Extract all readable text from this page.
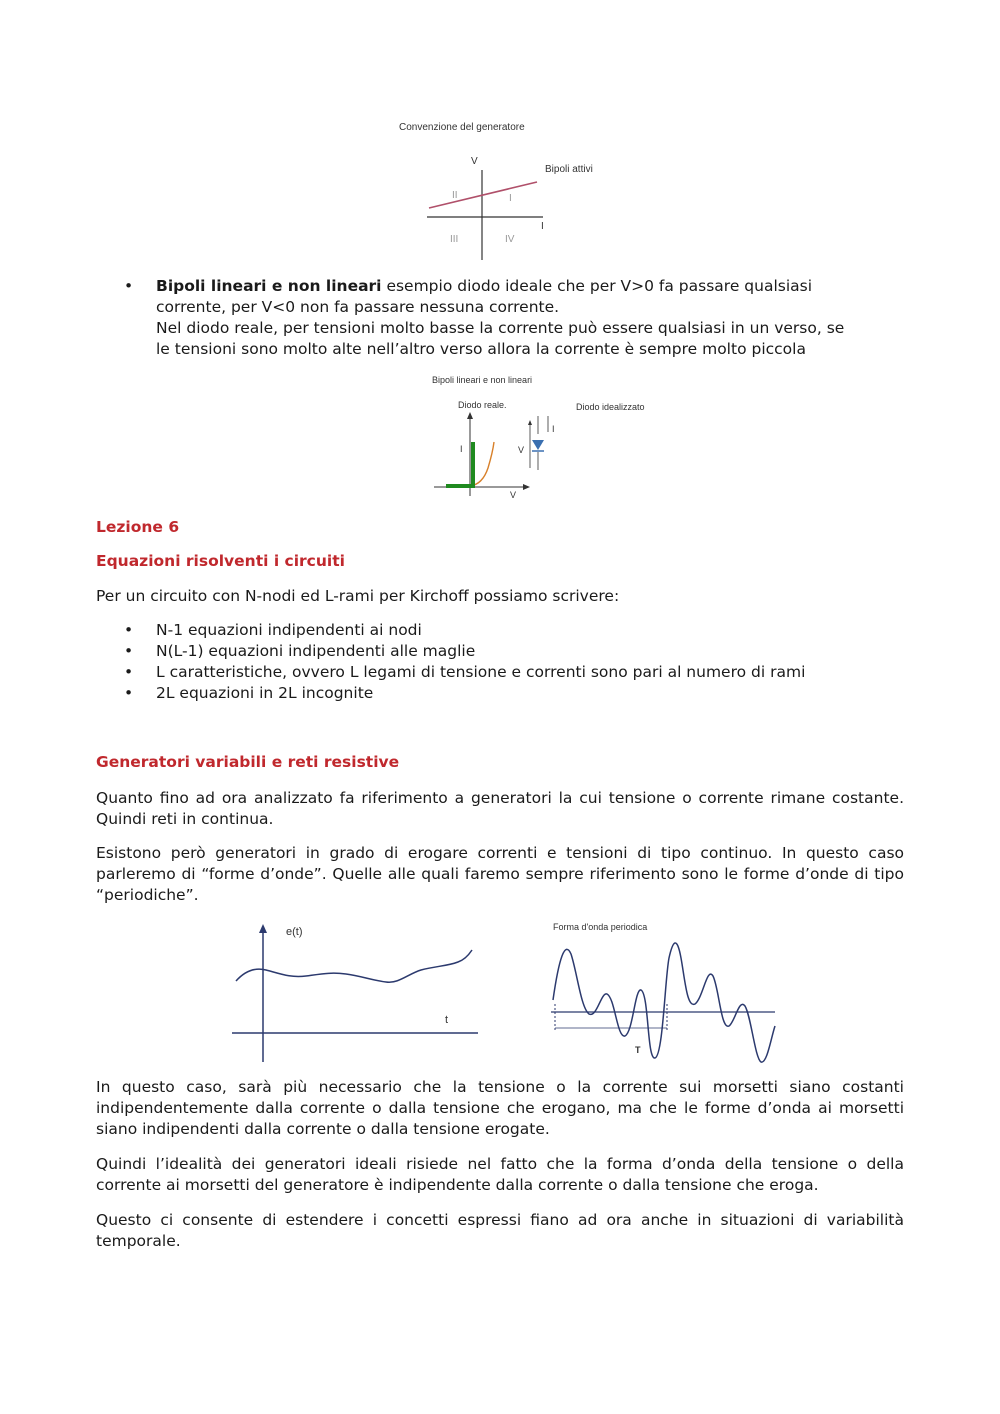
Convenzione del generatore
V
I
Bipoli attivi
I
II
III	IV
• Bipoli lineari e non lineari esempio diodo ideale che per V>0 fa passare qualsiasi
corrente, per V<0 non fa passare nessuna corrente.
Nel diodo reale, per tensioni molto basse la corrente può essere qualsiasi in un verso, se
le tensioni sono molto alte nell’altro verso allora la corrente è sempre molto piccola
Bipoli lineari e non lineari
Diodo reale.	Diodo idealizzato
I
V
V
I
Lezione 6
Equazioni risolventi i circuiti

Per un circuito con N-nodi ed L-rami per Kirchoff possiamo scrivere:

• N-1 equazioni indipendenti ai nodi
• N(L-1) equazioni indipendenti alle maglie
• L caratteristiche, ovvero L legami di tensione e correnti sono pari al numero di rami
• 2L equazioni in 2L incognite
Generatori variabili e reti resistive

Quanto fino ad ora analizzato fa riferimento a generatori la cui tensione o corrente rimane costante. Quindi reti in continua.

Esistono però generatori in grado di erogare correnti e tensioni di tipo continuo. In questo caso parleremo di “forme d’onde”. Quelle alle quali faremo sempre riferimento sono le forme d’onde di tipo “periodiche”.

e(t)
t
Forma d'onda periodica
T

In questo caso, sarà più necessario che la tensione o la corrente sui morsetti siano costanti indipendentemente dalla corrente o dalla tensione che erogano, ma che le forme d’onda ai morsetti siano indipendenti dalla corrente o dalla tensione erogate.

Quindi l’idealità dei generatori ideali risiede nel fatto che la forma d’onda della tensione o della corrente ai morsetti del generatore è indipendente dalla corrente o dalla tensione che eroga.

Questo ci consente di estendere i concetti espressi fiano ad ora anche in situazioni di variabilità temporale.
